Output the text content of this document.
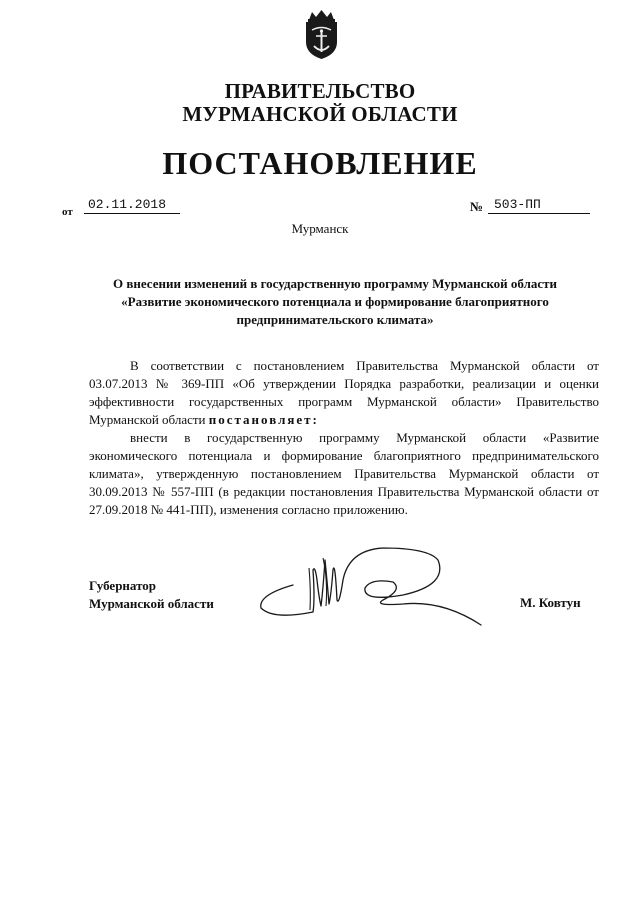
ПРАВИТЕЛЬСТВО
МУРМАНСКОЙ ОБЛАСТИ
ПОСТАНОВЛЕНИЕ
от	02.11.2018	№ 503-ПП
Мурманск
О внесении изменений в государственную программу Мурманской области
«Развитие экономического потенциала и формирование благоприятного
предпринимательского климата»

В соответствии с постановлением Правительства Мурманской области от 03.07.2013 № 369-ПП «Об утверждении Порядка разработки, реализации и оценки эффективности государственных программ Мурманской области» Правительство Мурманской области постановляет:

внести в государственную программу Мурманской области «Развитие экономического потенциала и формирование благоприятного предпринимательского климата», утвержденную постановлением Правительства Мурманской области от 30.09.2013 № 557-ПП (в редакции постановления Правительства Мурманской области от 27.09.2018 № 441-ПП), изменения согласно приложению.

Губернатор
Мурманской области	М. Ковтун
